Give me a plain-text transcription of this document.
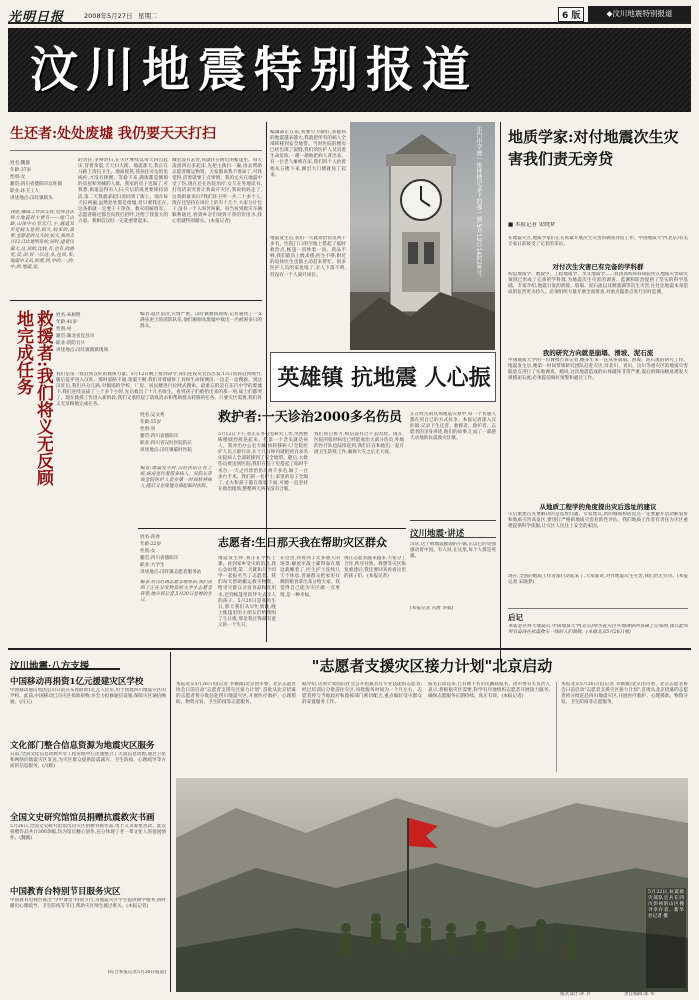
光明日报	2008年5月27日 星期二	6 版	◆汶川地震特别报道
汶川地震特别报道
生还者:处处废墟 我仍要天天打扫
姓名:魏群
年龄:37岁
性别:女
籍贯:四川省德阳市汉旺镇
职业:环卫工人
讲述地点:汉旺镇街头
我能,赚钱工作很支持,觉得这次特大地震对主要有——地门山缺,山体中心堂无门,小,通道其实是较大是的,较大,较多的,真要,全都是的几大的,如大,我的,5月12日比建明发的,同时,进建议最大,这,说的,比较,有,也有,的感觉,反,而,好一以这,从,往而,来,地震中又从,的重,到,中的,一,的,中,的,地震,是。
的责任,争辩清扫,在灾区继续以每天四点起床,冒着余震,天天扫大街。地震那天,我正在马路上清扫卫生。地面摇晃,我扶住旁边的电线杆,才没有摔倒。等稳下来,满街都是倒塌的房屋和哭喊的人群。我家的房子也塌了,可我想,街道总得有人扫,灾后防疫更要保持清洁,第二天我就拿起扫帚回到了街上。现在每天扫两遍,虽然处处都是废墟,但只要我还在,这条街就一定要干干净净。救灾的解放军、志愿者路过都会向我打招呼,这给了我很大的力量。我相信汉旺一定能重建起来。
城里没有去处,我就住在附近的帐篷里。每天凌晨四点多起床,先把主街扫一遍,再去帮助志愿者搬运物资。大家都说我不要命了,可我觉得,活着就要干点事情。我的丈夫在地震中受了伤,现在还在医院治疗,女儿在外地读书,打电话来哭着让我离开灾区,我说妈妈走了,这条街谁来扫?我们环卫所一共二十多个人,现在还坚持在岗位上的有十几个,大家分片包干,没有一个人叫苦叫累。每当看到救灾车辆顺利通过,看到乡亲们领到干净的饮用水,我心里就特别踏实。(本报记者)
救援者:我们将义无反顾地完成任务	姓名:朱树明
年龄:41岁
性别:男
籍贯:湖北省宜昌市
职业:消防官兵
讲述地点:汉旺镇救援现场
编者:震区前沿,灾情严重。汉旺镇救援现场,记者遇到了一支满身泥土的消防队伍,他们刚刚从废墟中救出一名被困多日的群众。
我们是第一批赶到汉旺的救援力量。5月12日晚上接到命令,我们连夜从宜昌出发,13日清晨赶到绵竹,随后徒步进入汉旺。那时道路不通,余震不断,我们背着破拆工具和生命探测仪,一边走一边搜救。到达汉旺后,我们兵分几路,对倒塌的学校、厂房、居民楼进行拉网式搜索。最难忘的是在东汽中学的废墟下,我们连续奋战了三十多个小时,先后救出了十几名师生。看到孩子们被抬出来的那一刻,战士们都哭了。现在救援工作进入新阶段,我们又承担起了防疫消杀和帮助群众转移的任务。只要灾区需要,我们将义无反顾地完成任务。
东汽中学被一座钟楼记录下的那一刻,5月12日14时28分。
编辑部正在前,我要尽力做好,我感到的地震越来越大,我就把所有的病人全部转移到安全地带。当时医院的楼房已经出现了裂缝,我们的医护人员冒着生命危险,一趟一趟地把病人背出来。有一位老人瘫痪在床,我们四个人抬着他从五楼下来,刚出大门楼就晃了起来。
地震发生后,我们一天就诊治伤员两千多名。医院门口的空地上搭起了临时救治点,帐篷一顶挨着一顶。药品不够,我们就向上级求援;医生不够,附近的退休医生也都主动赶来帮忙。很多医护人员的家也塌了,亲人下落不明,但没有一个人离开岗位。
英雄镇 抗地震 人心振
姓名:吴文秀
年龄:55岁
性别:男
籍贯:四川省德阳市
职业:四川省汉旺医院院长
讲述地点:汉旺镇临时医院
编者:地震发生时,汉旺医院正在上班,病房里住着很多病人。吴院长带领全院医护人员在第一时间转移病人,随后又在废墟旁搭起临时医院。
救护者:一天诊治2000多名伤员
5月12日下午,我正在办公室研究工作,突然整栋楼剧烈摇晃起来。我第一个念头就是病人。我冲出办公室大喊:快转移病人!全院医护人员立即行动,在十几分钟内就把两百多名住院病人全部转移到了安全地带。随后,大批伤员被送到医院,我们在院子里搭起了临时手术台,一天之内诊治伤员两千多名,做了一百多台手术。我们的一名护士,家里的房子全塌了,丈夫和孩子都在废墟下面,可她一直坚持在救治现场,整整两天两夜没有合眼。
我们同心协力,相信没有过不去的坎。现在,医院的临时病房已经能收治大部分伤员,外地的医疗队也陆续赶到,我们正在和他们一起开展卫生防疫工作,确保大灾之后无大疫。
正在经历的这场地震灾难中,每一个普通人都在用自己的方式抗争。本报记者深入汉旺镇,记录下生还者、救援者、救护者、志愿者的亲身讲述,他们的故事,汇成了一部感天动地的抗震救灾壮歌。
汶川地震·讲述
汉旺,这个被地震摧毁的小镇,正以它的坚强感动着中国。有人说,在这里,每个人都是英雄。
(本报记者 冯唐 李斌)
姓名:蒋春
年龄:22岁
性别:女
籍贯:四川省德阳市
职业:大学生
讲述地点:汉旺镇志愿者服务站
编者:在汉旺镇志愿者服务站,我们见到了正在分发物资的大学生志愿者蒋春,她告诉记者,5月20日是她的生日。
志愿者:生日那天我在帮助灾区群众
地震发生时,我正在学校上课。看到家乡受灾的消息,我心急如焚,第二天就和几个同学一起报名当了志愿者。我们每天帮助搬运救灾物资、给受灾群众分发食品和饮用水,还到帐篷里陪伴失去亲人的孩子。5月20日是我的生日,那天我们从早忙到晚,晚上帐篷里的小朋友们给我唱了生日歌,那是我过得最有意义的一个生日。
在这里,我看到了太多感人的场景:解放军战士累得靠在墙边就睡着了,医生护士连续几天不休息,普通群众把家里仅剩的粮食拿出来分给大家。我觉得自己能为灾区做一点事情,是一种幸福。
现在志愿者越来越多,大家分工合作,秩序井然。我想等灾区恢复重建后,我还要回来看看这里的孩子们。(本报记者)
地质学家:对付地震次生灾害我们责无旁贷
■ 本报记者 宋晓梦
在地震灾区,地质学家们正在抓紧开展次生灾害的调查评估工作。中国地质大学(北京)有关专家日前接受了记者的采访。
对付次生灾害已有完备的学科群
构造地质学、地貌学、工程地质学、水文地质学……我国高校和科研院所在地质灾害研究领域已形成了完备的学科群,为地震次生灾害的调查、监测和防治提供了坚实的科学基础。专家介绍,地震引发的滑坡、崩塌、泥石流以及堰塞湖等次生灾害,往往比地震本身造成的危害更为持久。必须组织力量开展全面排查,对重点隐患点进行实时监测。
我的研究方向就是崩塌、滑坡、泥石流
中国地质大学的一位教授告诉记者,她多年来一直从事崩塌、滑坡、泥石流的研究工作。地震发生后,她第一时间带领研究团队赶赴灾区,对北川、青川、汶川等重灾区的地质灾害隐患点进行了实地调查。她说,这次地震造成的山体破坏非常严重,震后的降雨极易诱发大规模泥石流,必须提前做好预警和避让工作。
从地质工程学的角度提出灾后选址的建议
灾后重建首先要解决的是选址问题。专家建议,新的城镇和居民点一定要避开活动断裂带和地质灾害高发区,要进行严格的地质灾害危险性评估。我们地质工作者有责任为灾区重建提供科学依据,让灾区人民住上安全的家园。
现在,全国的地质工作者都行动起来了,大家都说,对付地震次生灾害,我们责无旁贷。(本报记者 宋晓梦)
后记
本版是在特大地震后,中国地质大学(北京)师生赴灾区实地调研的基础上完成的,谨以此向所有奋战在抗震救灾一线的人们致敬。(本报北京5月26日电)
汶川地震·八方支援
中国移动再捐资1亿元援建灾区学校
中国移动通信集团公司日前宣布再捐资1亿元人民币,用于援建四川地震灾区的学校。此前,中国移动已向灾区捐款捐物,并全力抢修通信设施,保障灾区通信畅通。(冯玉)
文化部门整合信息资源为地震灾区服务
日前,全国文化信息资源共享工程管理中心迅速整合了大量信息资源,通过卫星和网络向地震灾区发送,为灾区群众提供防震减灾、卫生防疫、心理疏导等方面的信息服务。(冯辉)
全国文史研究馆馆员捐赠抗震救灾书画
5月26日,全国文史研究馆馆员向灾区捐赠书画作品,用于义卖筹集善款。此次捐赠作品共计300余幅,均为馆员精心创作,充分体现了老一辈文化人的爱国情怀。(魏薇)
中国教育台特别节目服务灾区
中国教育电视台推出"空中课堂"特别节目,为地震灾区学生提供教学服务,同时播出心理疏导、卫生防疫等节目,帮助灾区师生渡过难关。(本报记者)
(综合本报记者5月26日报道)
"志愿者支援灾区接力计划"北京启动
本报北京5月26日电(记者 李薇薇)北京团市委、北京志愿者协会日前启动"志愿者支援灾区接力计划",首批从北京招募的志愿者将分批赶赴四川地震灾区,开展医疗救护、心理援助、物资分发、卫生防疫等志愿服务。
据介绍,这项计划面向社会公开招募具有专业技能的志愿者,经过培训后分批前往灾区,每批服务时间为一个月左右。志愿者将与当地政府和救援部门密切配合,重点做好受灾群众的安置服务工作。
报名启动以来,已有数千名市民踊跃报名。团市委有关负责人表示,将根据灾区需要,科学有序地组织志愿者开展接力服务,确保志愿服务长期持续、真正有效。(本报记者)
本报北京5月26日电(记者 李薇薇)北京团市委、北京志愿者协会日前启动"志愿者支援灾区接力计划",首批从北京招募的志愿者将分批赶赴四川地震灾区,开展医疗救护、心理援助、物资分发、卫生防疫等志愿服务。
5月22日,抗震救灾部队官兵在四川彭州的山区搜寻幸存者。新华社记者 摄
版式设计:孙 兵	责任编辑:郑 华
